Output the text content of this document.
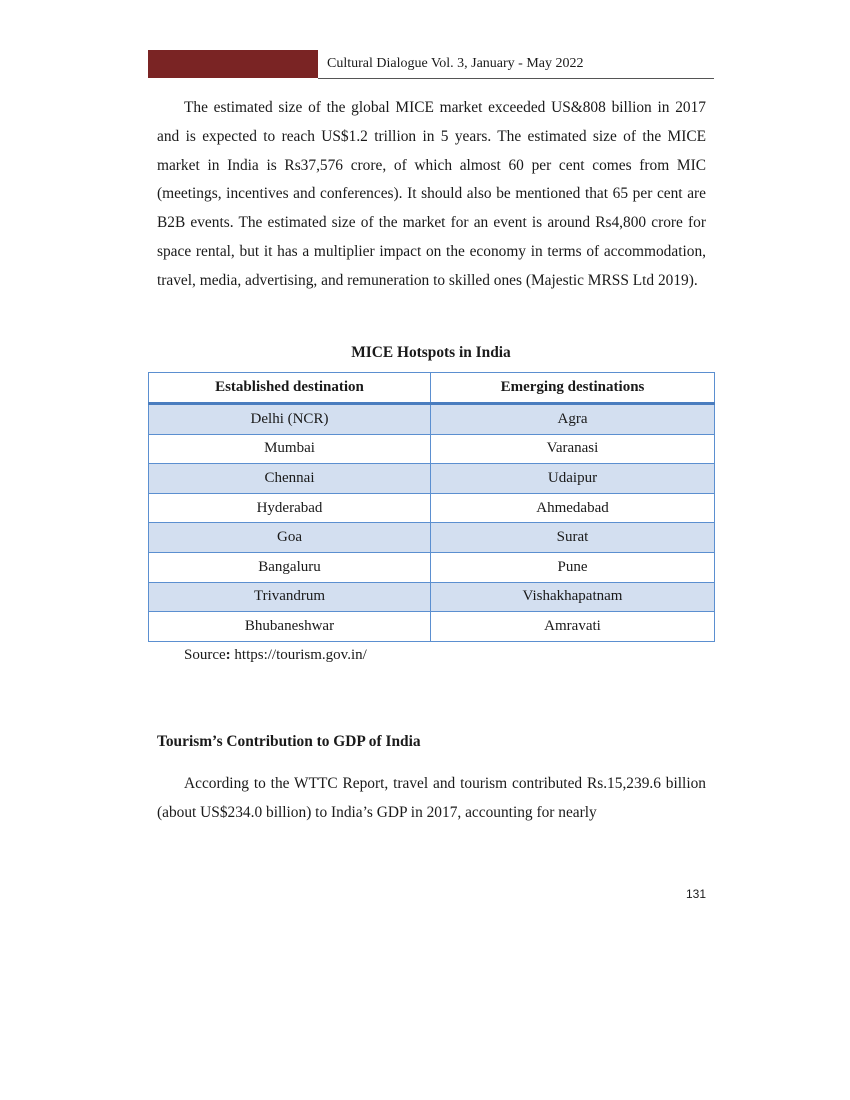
Cultural Dialogue Vol. 3, January - May 2022

The estimated size of the global MICE market exceeded US&808 billion in 2017 and is expected to reach US$1.2 trillion in 5 years. The estimated size of the MICE market in India is Rs37,576 crore, of which almost 60 per cent comes from MIC (meetings, incentives and conferences). It should also be mentioned that 65 per cent are B2B events. The estimated size of the market for an event is around Rs4,800 crore for space rental, but it has a multiplier impact on the economy in terms of accommodation, travel, media, advertising, and remuneration to skilled ones (Majestic MRSS Ltd 2019).

MICE Hotspots in India
Established destination	Emerging destinations
Delhi (NCR)	Agra
Mumbai	Varanasi
Chennai	Udaipur
Hyderabad	Ahmedabad
Goa	Surat
Bangaluru	Pune
Trivandrum	Vishakhapatnam
Bhubaneshwar	Amravati
Source: https://tourism.gov.in/
Tourism’s Contribution to GDP of India

According to the WTTC Report, travel and tourism contributed Rs.15,239.6 billion (about US$234.0 billion) to India’s GDP in 2017, accounting for nearly

131
